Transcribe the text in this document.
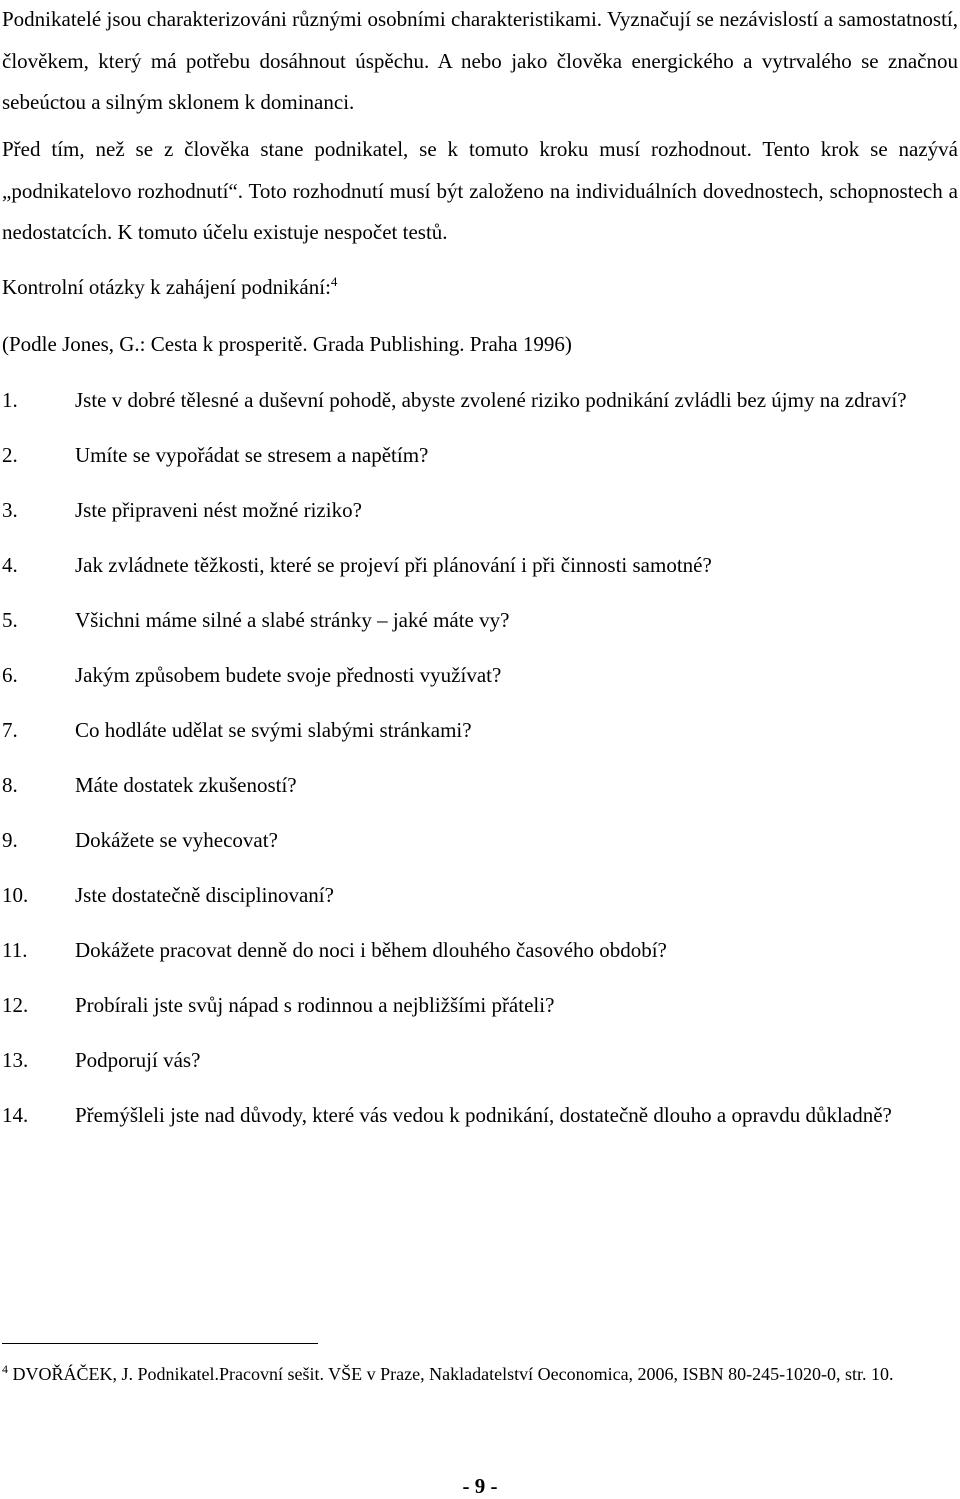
Podnikatelé jsou charakterizováni různými osobními charakteristikami. Vyznačují se nezávislostí a samostatností, člověkem, který má potřebu dosáhnout úspěchu. A nebo jako člověka energického a vytrvalého se značnou sebeúctou a silným sklonem k dominanci.

Před tím, než se z člověka stane podnikatel, se k tomuto kroku musí rozhodnout. Tento krok se nazývá „podnikatelovo rozhodnutí“. Toto rozhodnutí musí být založeno na individuálních dovednostech, schopnostech a nedostatcích. K tomuto účelu existuje nespočet testů.

Kontrolní otázky k zahájení podnikání:$^4$

(Podle Jones, G.: Cesta k prosperitě. Grada Publishing. Praha 1996)

1.	Jste v dobré tělesné a duševní pohodě, abyste zvolené riziko podnikání zvládli bez újmy na zdraví?
2.	Umíte se vypořádat se stresem a napětím?
3.	Jste připraveni nést možné riziko?
4.	Jak zvládnete těžkosti, které se projeví při plánování i při činnosti samotné?
5.	Všichni máme silné a slabé stránky – jaké máte vy?
6.	Jakým způsobem budete svoje přednosti využívat?
7.	Co hodláte udělat se svými slabými stránkami?
8.	Máte dostatek zkušeností?
9.	Dokážete se vyhecovat?
10. Jste dostatečně disciplinovaní?
11. Dokážete pracovat denně do noci i během dlouhého časového období?
12. Probírali jste svůj nápad s rodinnou a nejbližšími přáteli?
13. Podporují vás?
14. Přemýšleli jste nad důvody, které vás vedou k podnikání, dostatečně dlouho a opravdu důkladně?

$^4$ DVOŘÁČEK, J. Podnikatel.Pracovní sešit. VŠE v Praze, Nakladatelství Oeconomica, 2006, ISBN 80-245-1020-0, str. 10.

- 9 -
